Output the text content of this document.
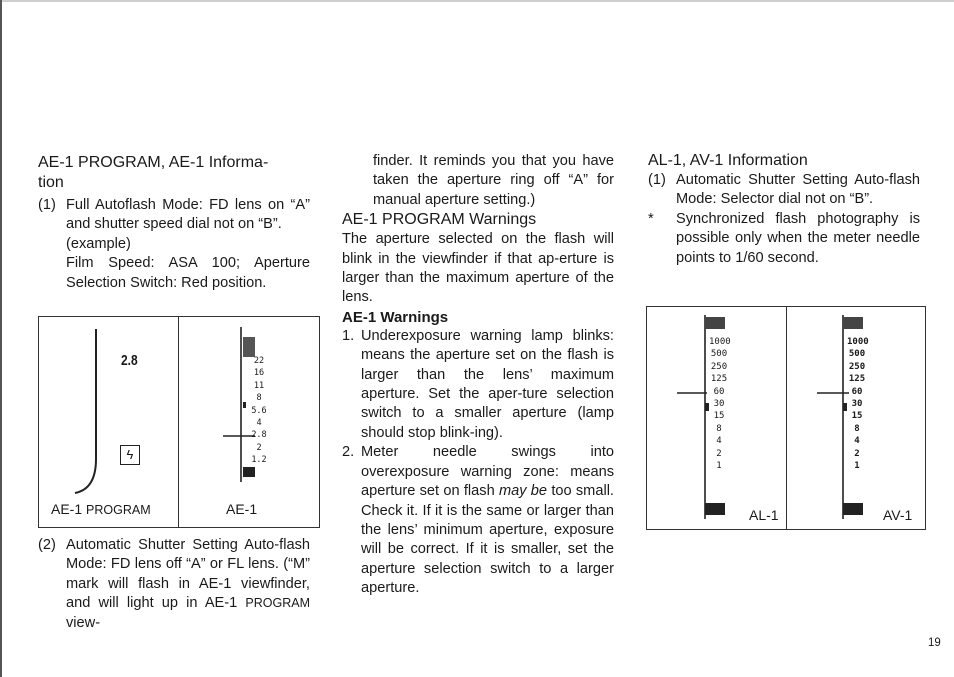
AE-1 PROGRAM, AE-1 Informa-
tion
(1) Full Autoflash Mode: FD lens on “A” and shutter speed dial not on “B”.

(example)

Film Speed: ASA 100; Aperture Selection Switch: Red position.

2.8
ϟ
AE-1 PROGRAM
22
16
11
8
5.6
4
2.8
2
1.2
AE-1
(2) Automatic Shutter Setting Auto-flash Mode: FD lens off “A” or FL lens. (“M” mark will flash in AE-1 viewfinder, and will light up in AE-1 PROGRAM view-

finder. It reminds you that you have taken the aperture ring off “A” for manual aperture setting.)

AE-1 PROGRAM Warnings

The aperture selected on the flash will blink in the viewfinder if that ap-erture is larger than the maximum aperture of the lens.

AE-1 Warnings
1. Underexposure warning lamp blinks: means the aperture set on the flash is larger than the lens’ maximum aperture. Set the aper-ture selection switch to a smaller aperture (lamp should stop blink-ing).

2. Meter needle swings into overexposure warning zone: means aperture set on flash may be too small. Check it. If it is the same or larger than the lens’ minimum aperture, exposure will be correct. If it is smaller, set the aperture selection switch to a larger aperture.

AL-1, AV-1 Information
(1) Automatic Shutter Setting Auto-flash Mode: Selector dial not on “B”.

*	Synchronized flash photography is possible only when the meter needle points to 1/60 second.

1000
500
250
125
60
30
15
8
4
2
1
1000
500
250
125
60
30
15
8
4
2
1
AL-1	AV-1
19
